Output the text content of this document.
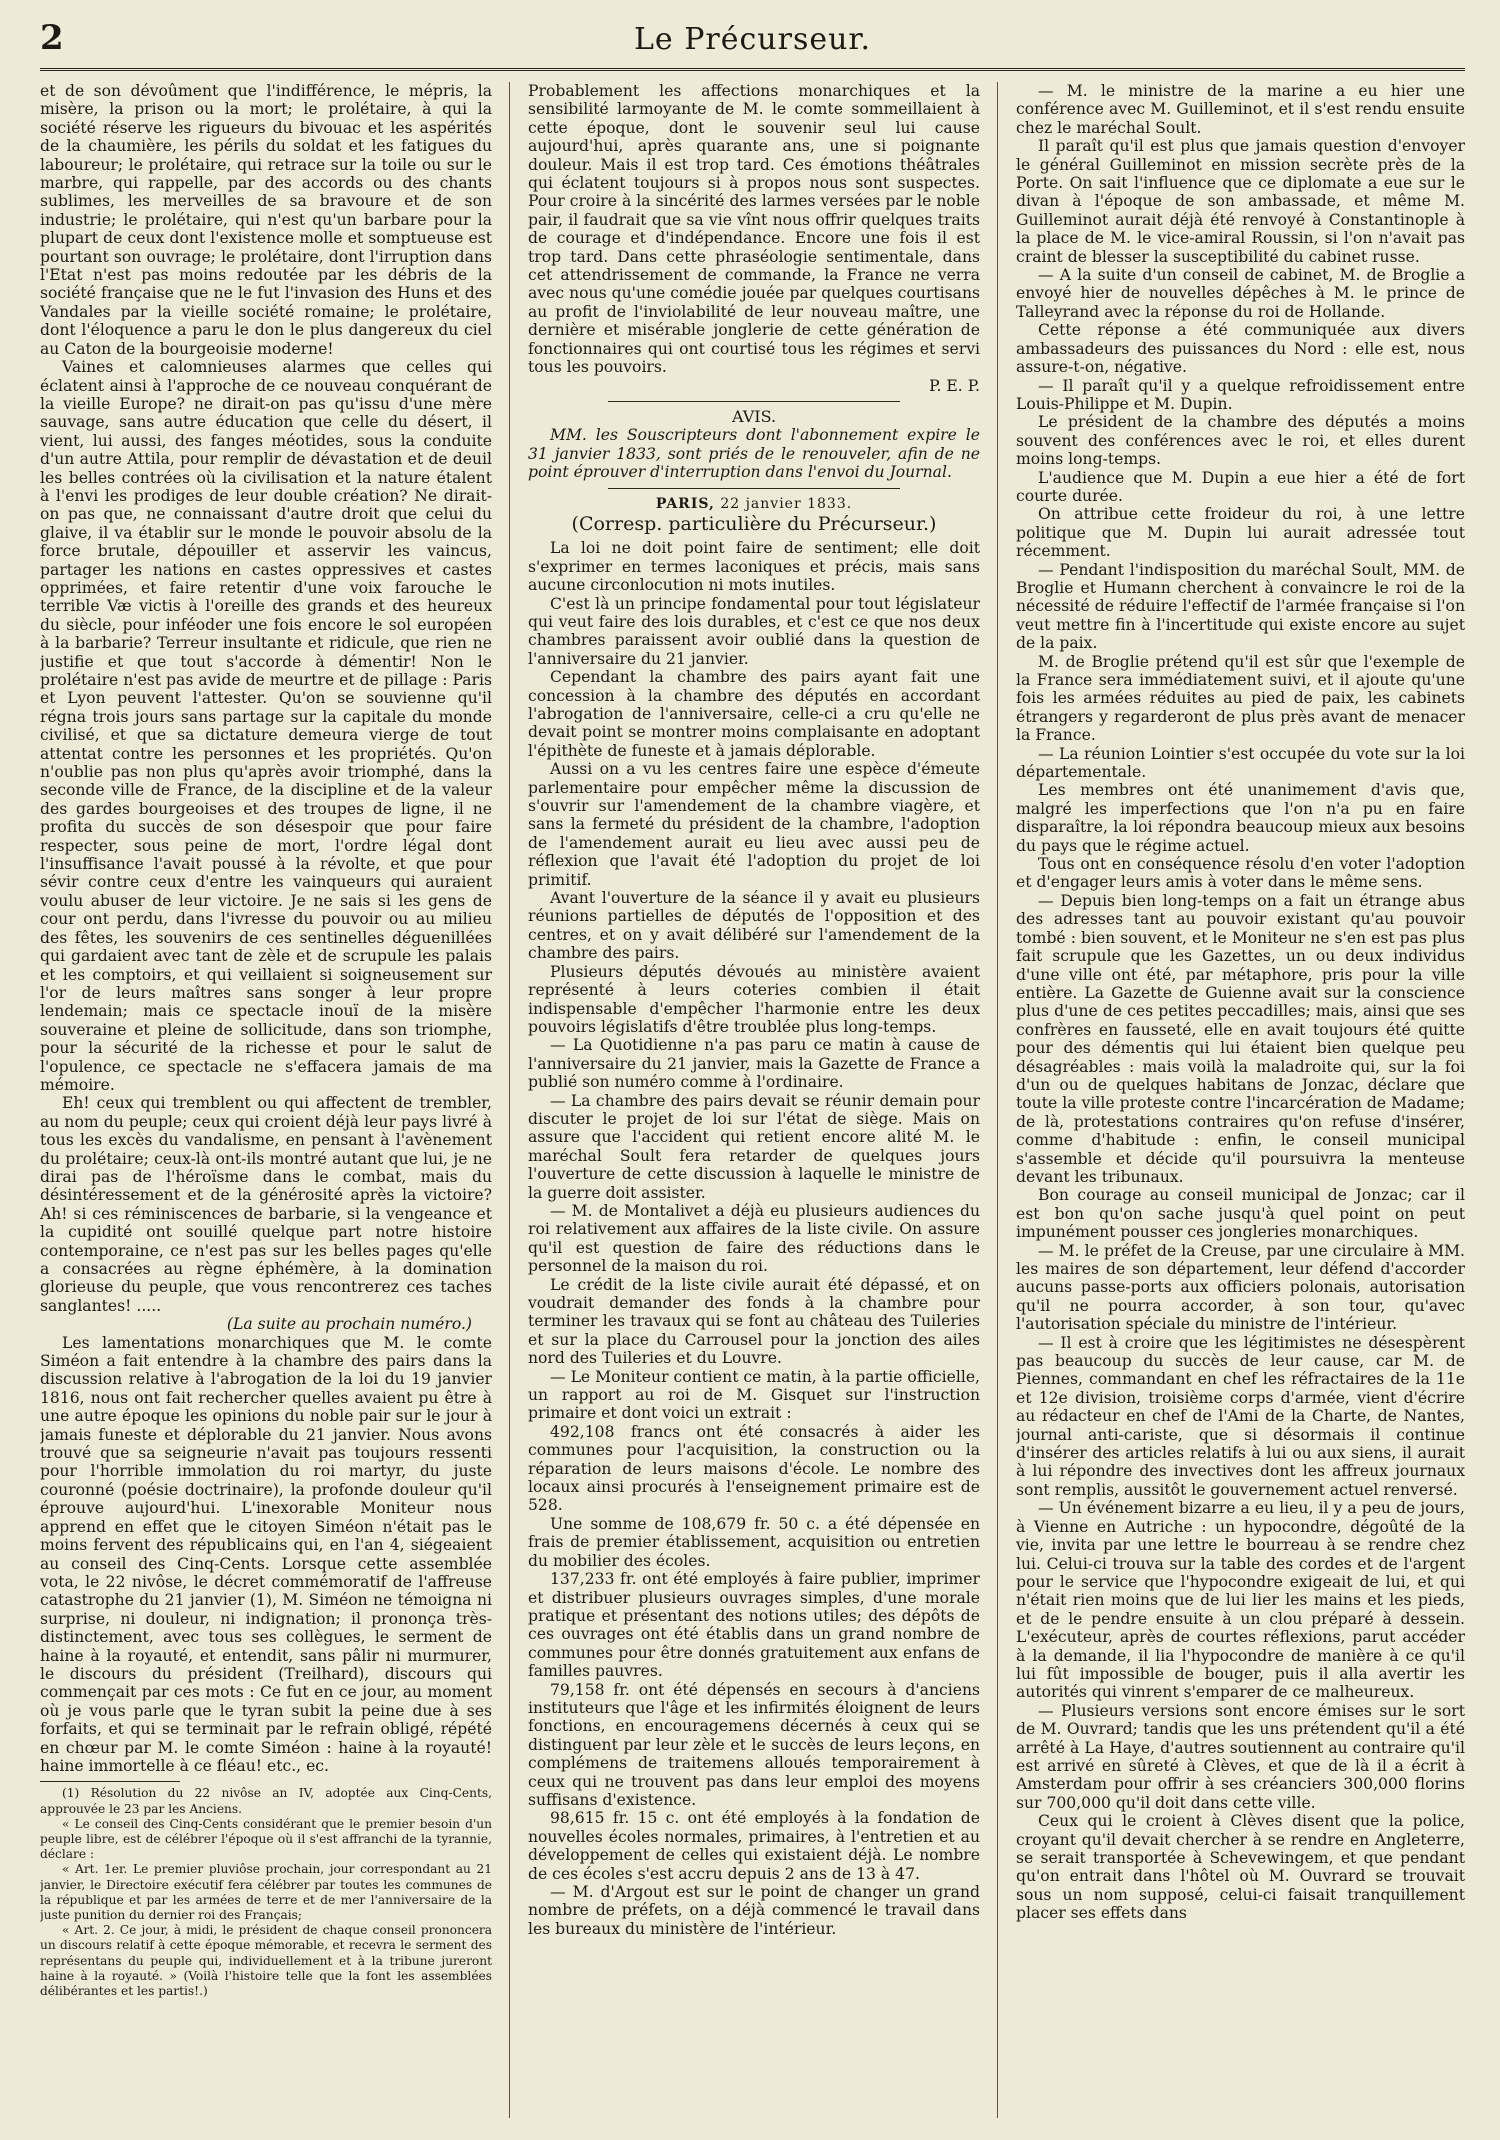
2	Le Précurseur.

et de son dévoûment que l'indifférence, le mépris, la misère, la prison ou la mort; le prolétaire, à qui la société réserve les rigueurs du bivouac et les aspérités de la chaumière, les périls du soldat et les fatigues du laboureur; le prolétaire, qui retrace sur la toile ou sur le marbre, qui rappelle, par des accords ou des chants sublimes, les merveilles de sa bravoure et de son industrie; le prolétaire, qui n'est qu'un barbare pour la plupart de ceux dont l'existence molle et somptueuse est pourtant son ouvrage; le prolétaire, dont l'irruption dans l'Etat n'est pas moins redoutée par les débris de la société française que ne le fut l'invasion des Huns et des Vandales par la vieille société romaine; le prolétaire, dont l'éloquence a paru le don le plus dangereux du ciel au Caton de la bourgeoisie moderne!

Vaines et calomnieuses alarmes que celles qui éclatent ainsi à l'approche de ce nouveau conquérant de la vieille Europe? ne dirait-on pas qu'issu d'une mère sauvage, sans autre éducation que celle du désert, il vient, lui aussi, des fanges méotides, sous la conduite d'un autre Attila, pour remplir de dévastation et de deuil les belles contrées où la civilisation et la nature étalent à l'envi les prodiges de leur double création? Ne dirait-on pas que, ne connaissant d'autre droit que celui du glaive, il va établir sur le monde le pouvoir absolu de la force brutale, dépouiller et asservir les vaincus, partager les nations en castes oppressives et castes opprimées, et faire retentir d'une voix farouche le terrible Væ victis à l'oreille des grands et des heureux du siècle, pour inféoder une fois encore le sol européen à la barbarie? Terreur insultante et ridicule, que rien ne justifie et que tout s'accorde à démentir! Non le prolétaire n'est pas avide de meurtre et de pillage : Paris et Lyon peuvent l'attester. Qu'on se souvienne qu'il régna trois jours sans partage sur la capitale du monde civilisé, et que sa dictature demeura vierge de tout attentat contre les personnes et les propriétés. Qu'on n'oublie pas non plus qu'après avoir triomphé, dans la seconde ville de France, de la discipline et de la valeur des gardes bourgeoises et des troupes de ligne, il ne profita du succès de son désespoir que pour faire respecter, sous peine de mort, l'ordre légal dont l'insuffisance l'avait poussé à la révolte, et que pour sévir contre ceux d'entre les vainqueurs qui auraient voulu abuser de leur victoire. Je ne sais si les gens de cour ont perdu, dans l'ivresse du pouvoir ou au milieu des fêtes, les souvenirs de ces sentinelles déguenillées qui gardaient avec tant de zèle et de scrupule les palais et les comptoirs, et qui veillaient si soigneusement sur l'or de leurs maîtres sans songer à leur propre lendemain; mais ce spectacle inouï de la misère souveraine et pleine de sollicitude, dans son triomphe, pour la sécurité de la richesse et pour le salut de l'opulence, ce spectacle ne s'effacera jamais de ma mémoire.

Eh! ceux qui tremblent ou qui affectent de trembler, au nom du peuple; ceux qui croient déjà leur pays livré à tous les excès du vandalisme, en pensant à l'avènement du prolétaire; ceux-là ont-ils montré autant que lui, je ne dirai pas de l'héroïsme dans le combat, mais du désintéressement et de la générosité après la victoire? Ah! si ces réminiscences de barbarie, si la vengeance et la cupidité ont souillé quelque part notre histoire contemporaine, ce n'est pas sur les belles pages qu'elle a consacrées au règne éphémère, à la domination glorieuse du peuple, que vous rencontrerez ces taches sanglantes! .....

(La suite au prochain numéro.)

Les lamentations monarchiques que M. le comte Siméon a fait entendre à la chambre des pairs dans la discussion relative à l'abrogation de la loi du 19 janvier 1816, nous ont fait rechercher quelles avaient pu être à une autre époque les opinions du noble pair sur le jour à jamais funeste et déplorable du 21 janvier. Nous avons trouvé que sa seigneurie n'avait pas toujours ressenti pour l'horrible immolation du roi martyr, du juste couronné (poésie doctrinaire), la profonde douleur qu'il éprouve aujourd'hui. L'inexorable Moniteur nous apprend en effet que le citoyen Siméon n'était pas le moins fervent des républicains qui, en l'an 4, siégeaient au conseil des Cinq-Cents. Lorsque cette assemblée vota, le 22 nivôse, le décret commémoratif de l'affreuse catastrophe du 21 janvier (1), M. Siméon ne témoigna ni surprise, ni douleur, ni indignation; il prononça très-distinctement, avec tous ses collègues, le serment de haine à la royauté, et entendit, sans pâlir ni murmurer, le discours du président (Treilhard), discours qui commençait par ces mots : Ce fut en ce jour, au moment où je vous parle que le tyran subit la peine due à ses forfaits, et qui se terminait par le refrain obligé, répété en chœur par M. le comte Siméon : haine à la royauté! haine immortelle à ce fléau! etc., ec.

(1) Résolution du 22 nivôse an IV, adoptée aux Cinq-Cents, approuvée le 23 par les Anciens.

« Le conseil des Cinq-Cents considérant que le premier besoin d'un peuple libre, est de célébrer l'époque où il s'est affranchi de la tyrannie, déclare :

« Art. 1er. Le premier pluviôse prochain, jour correspondant au 21 janvier, le Directoire exécutif fera célébrer par toutes les communes de la république et par les armées de terre et de mer l'anniversaire de la juste punition du dernier roi des Français;

« Art. 2. Ce jour, à midi, le président de chaque conseil prononcera un discours relatif à cette époque mémorable, et recevra le serment des représentans du peuple qui, individuellement et à la tribune jureront haine à la royauté. » (Voilà l'histoire telle que la font les assemblées délibérantes et les partis!.)

Probablement les affections monarchiques et la sensibilité larmoyante de M. le comte sommeillaient à cette époque, dont le souvenir seul lui cause aujourd'hui, après quarante ans, une si poignante douleur. Mais il est trop tard. Ces émotions théâtrales qui éclatent toujours si à propos nous sont suspectes. Pour croire à la sincérité des larmes versées par le noble pair, il faudrait que sa vie vînt nous offrir quelques traits de courage et d'indépendance. Encore une fois il est trop tard. Dans cette phraséologie sentimentale, dans cet attendrissement de commande, la France ne verra avec nous qu'une comédie jouée par quelques courtisans au profit de l'inviolabilité de leur nouveau maître, une dernière et misérable jonglerie de cette génération de fonctionnaires qui ont courtisé tous les régimes et servi tous les pouvoirs.

P. E. P.
AVIS.

MM. les Souscripteurs dont l'abonnement expire le 31 janvier 1833, sont priés de le renouveler, afin de ne point éprouver d'interruption dans l'envoi du Journal.

PARIS, 22 janvier 1833.
(Corresp. particulière du Précurseur.)

La loi ne doit point faire de sentiment; elle doit s'exprimer en termes laconiques et précis, mais sans aucune circonlocution ni mots inutiles.

C'est là un principe fondamental pour tout législateur qui veut faire des lois durables, et c'est ce que nos deux chambres paraissent avoir oublié dans la question de l'anniversaire du 21 janvier.

Cependant la chambre des pairs ayant fait une concession à la chambre des députés en accordant l'abrogation de l'anniversaire, celle-ci a cru qu'elle ne devait point se montrer moins complaisante en adoptant l'épithète de funeste et à jamais déplorable.

Aussi on a vu les centres faire une espèce d'émeute parlementaire pour empêcher même la discussion de s'ouvrir sur l'amendement de la chambre viagère, et sans la fermeté du président de la chambre, l'adoption de l'amendement aurait eu lieu avec aussi peu de réflexion que l'avait été l'adoption du projet de loi primitif.

Avant l'ouverture de la séance il y avait eu plusieurs réunions partielles de députés de l'opposition et des centres, et on y avait délibéré sur l'amendement de la chambre des pairs.

Plusieurs députés dévoués au ministère avaient représenté à leurs coteries combien il était indispensable d'empêcher l'harmonie entre les deux pouvoirs législatifs d'être troublée plus long-temps.

— La Quotidienne n'a pas paru ce matin à cause de l'anniversaire du 21 janvier, mais la Gazette de France a publié son numéro comme à l'ordinaire.

— La chambre des pairs devait se réunir demain pour discuter le projet de loi sur l'état de siège. Mais on assure que l'accident qui retient encore alité M. le maréchal Soult fera retarder de quelques jours l'ouverture de cette discussion à laquelle le ministre de la guerre doit assister.

— M. de Montalivet a déjà eu plusieurs audiences du roi relativement aux affaires de la liste civile. On assure qu'il est question de faire des réductions dans le personnel de la maison du roi.

Le crédit de la liste civile aurait été dépassé, et on voudrait demander des fonds à la chambre pour terminer les travaux qui se font au château des Tuileries et sur la place du Carrousel pour la jonction des ailes nord des Tuileries et du Louvre.

— Le Moniteur contient ce matin, à la partie officielle, un rapport au roi de M. Gisquet sur l'instruction primaire et dont voici un extrait :

492,108 francs ont été consacrés à aider les communes pour l'acquisition, la construction ou la réparation de leurs maisons d'école. Le nombre des locaux ainsi procurés à l'enseignement primaire est de 528.

Une somme de 108,679 fr. 50 c. a été dépensée en frais de premier établissement, acquisition ou entretien du mobilier des écoles.

137,233 fr. ont été employés à faire publier, imprimer et distribuer plusieurs ouvrages simples, d'une morale pratique et présentant des notions utiles; des dépôts de ces ouvrages ont été établis dans un grand nombre de communes pour être donnés gratuitement aux enfans de familles pauvres.

79,158 fr. ont été dépensés en secours à d'anciens instituteurs que l'âge et les infirmités éloignent de leurs fonctions, en encouragemens décernés à ceux qui se distinguent par leur zèle et le succès de leurs leçons, en complémens de traitemens alloués temporairement à ceux qui ne trouvent pas dans leur emploi des moyens suffisans d'existence.

98,615 fr. 15 c. ont été employés à la fondation de nouvelles écoles normales, primaires, à l'entretien et au développement de celles qui existaient déjà. Le nombre de ces écoles s'est accru depuis 2 ans de 13 à 47.

— M. d'Argout est sur le point de changer un grand nombre de préfets, on a déjà commencé le travail dans les bureaux du ministère de l'intérieur.

— M. le ministre de la marine a eu hier une conférence avec M. Guilleminot, et il s'est rendu ensuite chez le maréchal Soult.

Il paraît qu'il est plus que jamais question d'envoyer le général Guilleminot en mission secrète près de la Porte. On sait l'influence que ce diplomate a eue sur le divan à l'époque de son ambassade, et même M. Guilleminot aurait déjà été renvoyé à Constantinople à la place de M. le vice-amiral Roussin, si l'on n'avait pas craint de blesser la susceptibilité du cabinet russe.

— A la suite d'un conseil de cabinet, M. de Broglie a envoyé hier de nouvelles dépêches à M. le prince de Talleyrand avec la réponse du roi de Hollande.

Cette réponse a été communiquée aux divers ambassadeurs des puissances du Nord : elle est, nous assure-t-on, négative.

— Il paraît qu'il y a quelque refroidissement entre Louis-Philippe et M. Dupin.

Le président de la chambre des députés a moins souvent des conférences avec le roi, et elles durent moins long-temps.

L'audience que M. Dupin a eue hier a été de fort courte durée.

On attribue cette froideur du roi, à une lettre politique que M. Dupin lui aurait adressée tout récemment.

— Pendant l'indisposition du maréchal Soult, MM. de Broglie et Humann cherchent à convaincre le roi de la nécessité de réduire l'effectif de l'armée française si l'on veut mettre fin à l'incertitude qui existe encore au sujet de la paix.

M. de Broglie prétend qu'il est sûr que l'exemple de la France sera immédiatement suivi, et il ajoute qu'une fois les armées réduites au pied de paix, les cabinets étrangers y regarderont de plus près avant de menacer la France.

— La réunion Lointier s'est occupée du vote sur la loi départementale.

Les membres ont été unanimement d'avis que, malgré les imperfections que l'on n'a pu en faire disparaître, la loi répondra beaucoup mieux aux besoins du pays que le régime actuel.

Tous ont en conséquence résolu d'en voter l'adoption et d'engager leurs amis à voter dans le même sens.

— Depuis bien long-temps on a fait un étrange abus des adresses tant au pouvoir existant qu'au pouvoir tombé : bien souvent, et le Moniteur ne s'en est pas plus fait scrupule que les Gazettes, un ou deux individus d'une ville ont été, par métaphore, pris pour la ville entière. La Gazette de Guienne avait sur la conscience plus d'une de ces petites peccadilles; mais, ainsi que ses confrères en fausseté, elle en avait toujours été quitte pour des démentis qui lui étaient bien quelque peu désagréables : mais voilà la maladroite qui, sur la foi d'un ou de quelques habitans de Jonzac, déclare que toute la ville proteste contre l'incarcération de Madame; de là, protestations contraires qu'on refuse d'insérer, comme d'habitude : enfin, le conseil municipal s'assemble et décide qu'il poursuivra la menteuse devant les tribunaux.

Bon courage au conseil municipal de Jonzac; car il est bon qu'on sache jusqu'à quel point on peut impunément pousser ces jongleries monarchiques.

— M. le préfet de la Creuse, par une circulaire à MM. les maires de son département, leur défend d'accorder aucuns passe-ports aux officiers polonais, autorisation qu'il ne pourra accorder, à son tour, qu'avec l'autorisation spéciale du ministre de l'intérieur.

— Il est à croire que les légitimistes ne désespèrent pas beaucoup du succès de leur cause, car M. de Piennes, commandant en chef les réfractaires de la 11e et 12e division, troisième corps d'armée, vient d'écrire au rédacteur en chef de l'Ami de la Charte, de Nantes, journal anti-cariste, que si désormais il continue d'insérer des articles relatifs à lui ou aux siens, il aurait à lui répondre des invectives dont les affreux journaux sont remplis, aussitôt le gouvernement actuel renversé.

— Un événement bizarre a eu lieu, il y a peu de jours, à Vienne en Autriche : un hypocondre, dégoûté de la vie, invita par une lettre le bourreau à se rendre chez lui. Celui-ci trouva sur la table des cordes et de l'argent pour le service que l'hypocondre exigeait de lui, et qui n'était rien moins que de lui lier les mains et les pieds, et de le pendre ensuite à un clou préparé à dessein. L'exécuteur, après de courtes réflexions, parut accéder à la demande, il lia l'hypocondre de manière à ce qu'il lui fût impossible de bouger, puis il alla avertir les autorités qui vinrent s'emparer de ce malheureux.

— Plusieurs versions sont encore émises sur le sort de M. Ouvrard; tandis que les uns prétendent qu'il a été arrêté à La Haye, d'autres soutiennent au contraire qu'il est arrivé en sûreté à Clèves, et que de là il a écrit à Amsterdam pour offrir à ses créanciers 300,000 florins sur 700,000 qu'il doit dans cette ville.

Ceux qui le croient à Clèves disent que la police, croyant qu'il devait chercher à se rendre en Angleterre, se serait transportée à Schevewingem, et que pendant qu'on entrait dans l'hôtel où M. Ouvrard se trouvait sous un nom supposé, celui-ci faisait tranquillement placer ses effets dans
